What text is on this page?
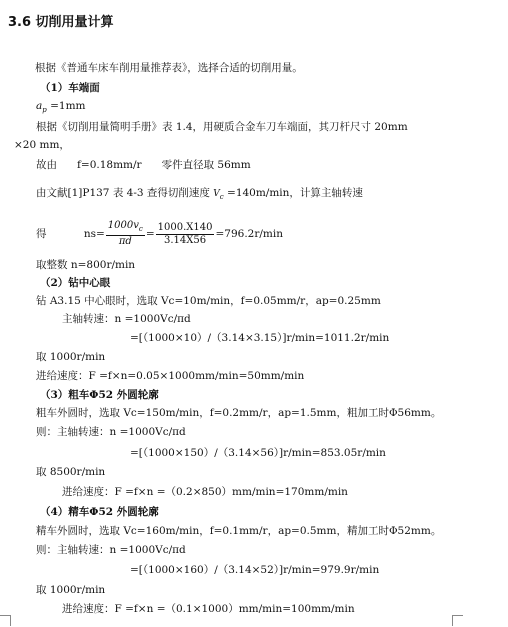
3.6 切削用量计算
根据《普通车床车削用量推荐表》，选择合适的切削用量。
（1）车端面
$a_p =1mm$
根据《切削用量简明手册》表 1.4，用硬质合金车刀车端面，其刀杆尺寸 20mm
×20 mm，
故由      f=0.18mm/r      零件直径取 56mm
由文献[1]P137 表 4-3 查得切削速度 $V_c =140m/\min$，计算主轴转速
得	$ns= \frac{1000v_c}{\pi d} = \frac{1000.X140}{3.14X56} =796.2r/\min$
取整数 n=800r/min
（2）钻中心眼
钻 A3.15 中心眼时，选取 Vc=10m/min，f=0.05mm/r，ap=0.25mm
主轴转速：n =1000Vc/πd
=[（1000×10）/（3.14×3.15）]r/min=1011.2r/min
取 1000r/min
进给速度：F =f×n=0.05×1000mm/min=50mm/min
（3）粗车Φ52 外圆轮廓
粗车外圆时，选取 Vc=150m/min，f=0.2mm/r，ap=1.5mm，粗加工时Φ56mm。
则：主轴转速：n =1000Vc/πd
=[（1000×150）/（3.14×56）]r/min=853.05r/min
取 8500r/min
进给速度：F =f×n =（0.2×850）mm/min=170mm/min
（4）精车Φ52 外圆轮廓
精车外圆时，选取 Vc=160m/min，f=0.1mm/r，ap=0.5mm，精加工时Φ52mm。
则：主轴转速：n =1000Vc/πd
=[（1000×160）/（3.14×52）]r/min=979.9r/min
取 1000r/min
进给速度：F =f×n =（0.1×1000）mm/min=100mm/min
